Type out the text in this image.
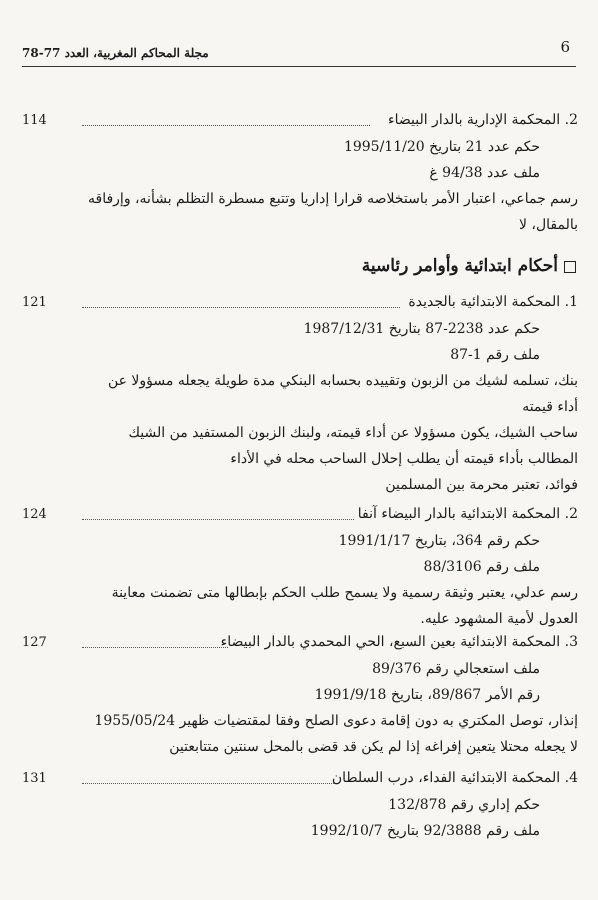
مجلة المحاكم المغربية، العدد 77-78	6
2. المحكمة الإدارية بالدار البيضاء
114
حكم عدد 21 بتاريخ 1995/11/20
ملف عدد 94/38 غ
رسم جماعي، اعتبار الأمر باستخلاصه قرارا إداريا وتتبع مسطرة التظلم بشأنه، وإرفاقه
بالمقال، لا
أحكام ابتدائية وأوامر رئاسية
1. المحكمة الابتدائية بالجديدة
121
حكم عدد 2238-87 بتاريخ 1987/12/31
ملف رقم 1-87
بنك، تسلمه لشيك من الزبون وتقييده بحسابه البنكي مدة طويلة يجعله مسؤولا عن
أداء قيمته
ساحب الشيك، يكون مسؤولا عن أداء قيمته، ولبنك الزبون المستفيد من الشيك
المطالب بأداء قيمته أن يطلب إحلال الساحب محله في الأداء
فوائد، تعتبر محرمة بين المسلمين
2. المحكمة الابتدائية بالدار البيضاء آنفا
124
حكم رقم 364، بتاريخ 1991/1/17
ملف رقم 88/3106
رسم عدلي، يعتبر وثيقة رسمية ولا يسمح طلب الحكم بإبطالها متى تضمنت معاينة
العدول لأمية المشهود عليه.
3. المحكمة الابتدائية بعين السبع، الحي المحمدي بالدار البيضاء
127
ملف استعجالي رقم 89/376
رقم الأمر 89/867، بتاريخ 1991/9/18
إنذار، توصل المكتري به دون إقامة دعوى الصلح وفقا لمقتضيات ظهير 1955/05/24
لا يجعله محتلا يتعين إفراغه إذا لم يكن قد قضى بالمحل سنتين متتابعتين
4. المحكمة الابتدائية الفداء، درب السلطان
131
حكم إداري رقم 132/878
ملف رقم 92/3888 بتاريخ 1992/10/7
